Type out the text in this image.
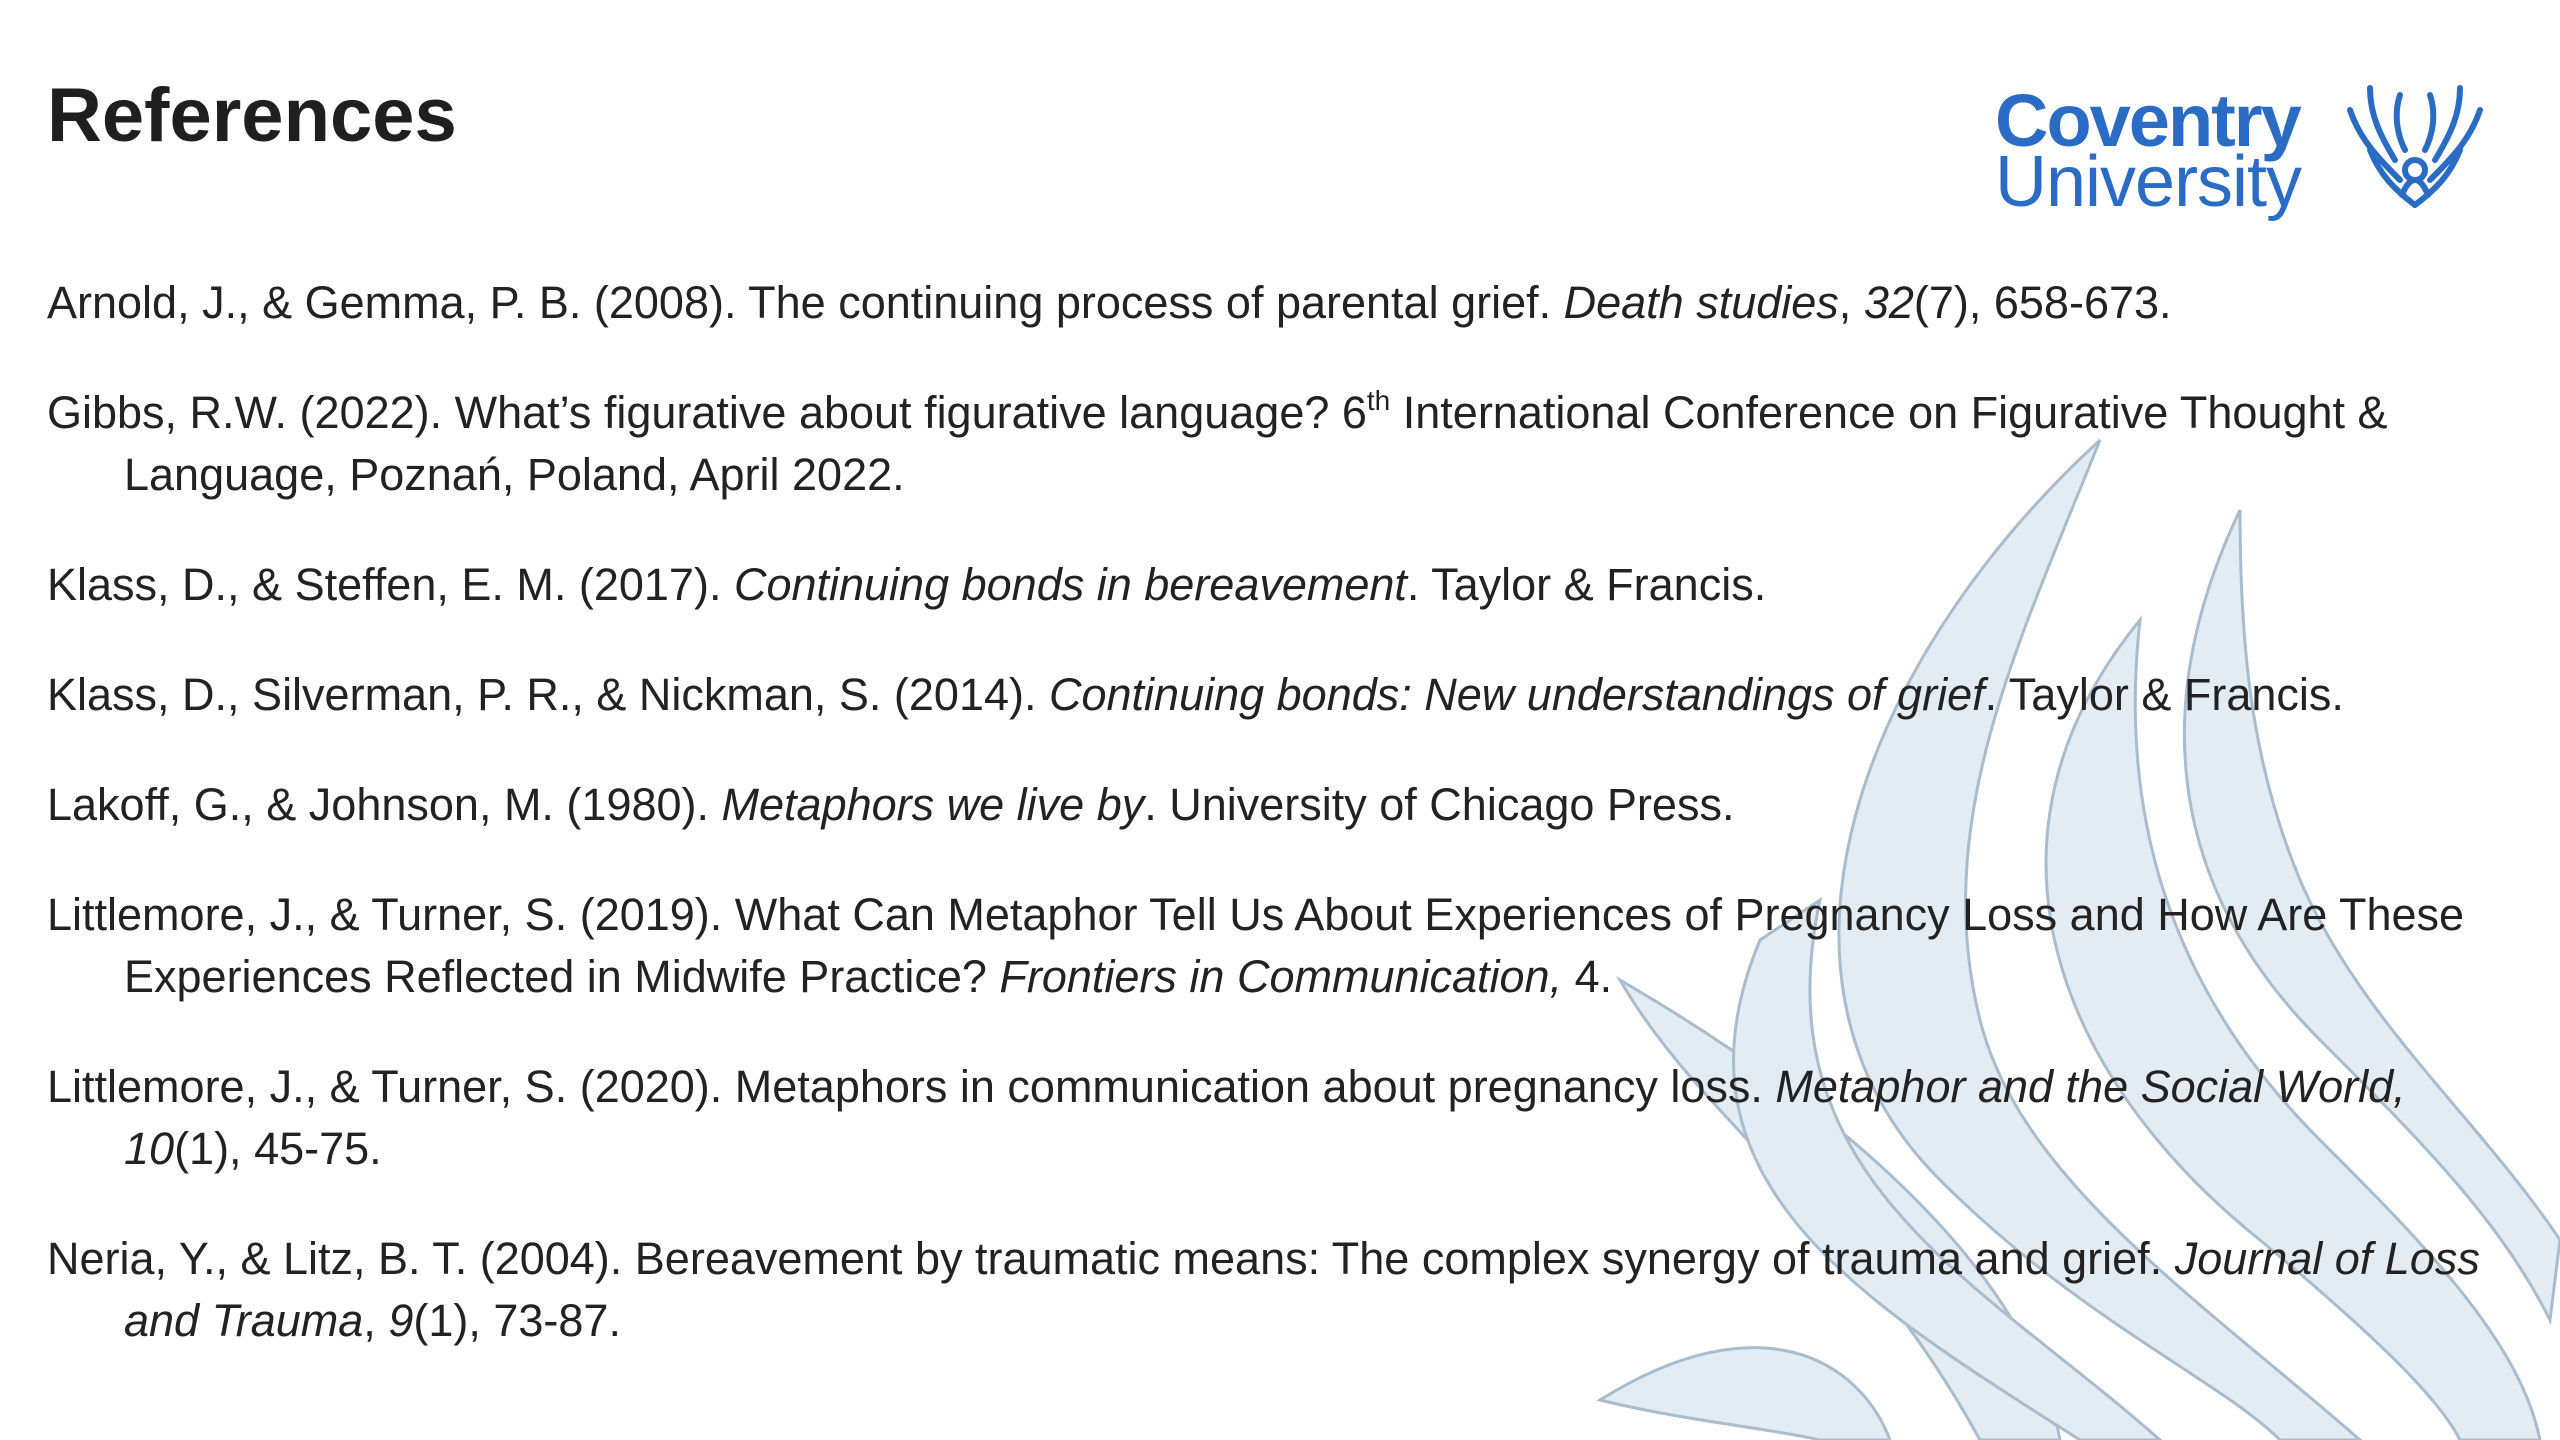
References	Coventry
University

Arnold, J., & Gemma, P. B. (2008). The continuing process of parental grief. Death studies, 32(7), 658-673.

Gibbs, R.W. (2022). What’s figurative about figurative language? 6th International Conference on Figurative Thought & Language, Poznań, Poland, April 2022.

Klass, D., & Steffen, E. M. (2017). Continuing bonds in bereavement. Taylor & Francis.

Klass, D., Silverman, P. R., & Nickman, S. (2014). Continuing bonds: New understandings of grief. Taylor & Francis.

Lakoff, G., & Johnson, M. (1980). Metaphors we live by. University of Chicago Press.

Littlemore, J., & Turner, S. (2019). What Can Metaphor Tell Us About Experiences of Pregnancy Loss and How Are These Experiences Reflected in Midwife Practice? Frontiers in Communication, 4.

Littlemore, J., & Turner, S. (2020). Metaphors in communication about pregnancy loss. Metaphor and the Social World, 10(1), 45-75.

Neria, Y., & Litz, B. T. (2004). Bereavement by traumatic means: The complex synergy of trauma and grief. Journal of Loss and Trauma, 9(1), 73-87.
